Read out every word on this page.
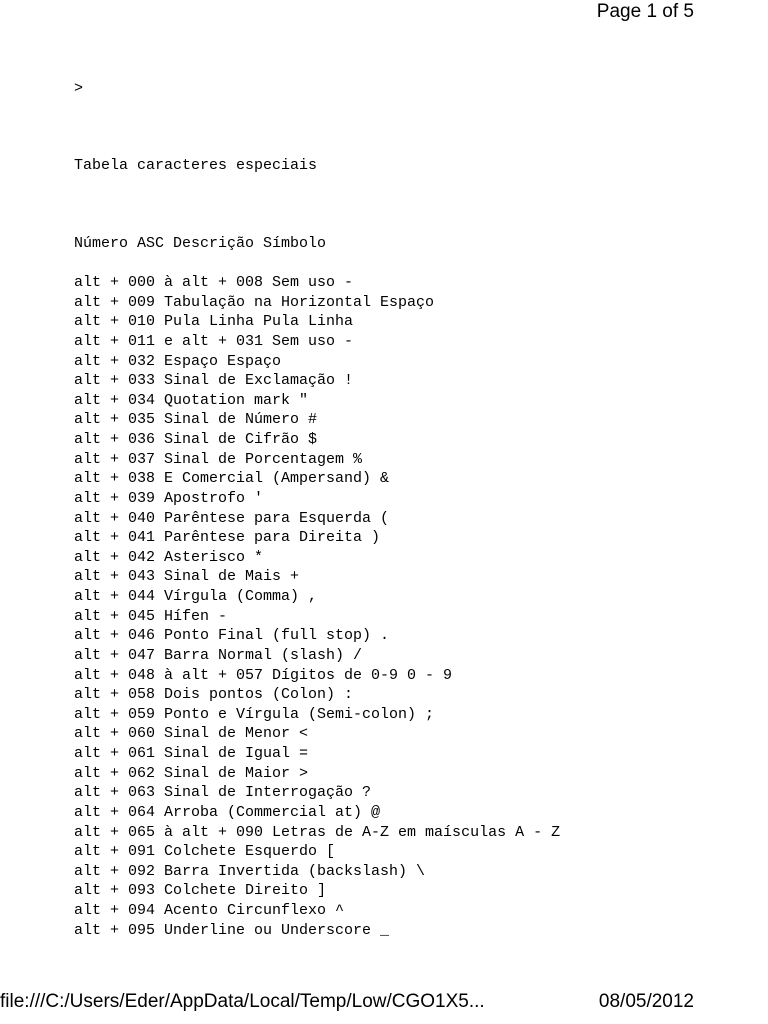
Page 1 of 5
>
Tabela caracteres especiais
Número ASC Descrição Símbolo
alt + 000 à alt + 008 Sem uso -
alt + 009 Tabulação na Horizontal Espaço
alt + 010 Pula Linha Pula Linha
alt + 011 e alt + 031 Sem uso -
alt + 032 Espaço Espaço
alt + 033 Sinal de Exclamação !
alt + 034 Quotation mark "
alt + 035 Sinal de Número #
alt + 036 Sinal de Cifrão $
alt + 037 Sinal de Porcentagem %
alt + 038 E Comercial (Ampersand) &
alt + 039 Apostrofo '
alt + 040 Parêntese para Esquerda (
alt + 041 Parêntese para Direita )
alt + 042 Asterisco *
alt + 043 Sinal de Mais +
alt + 044 Vírgula (Comma) ,
alt + 045 Hífen -
alt + 046 Ponto Final (full stop) .
alt + 047 Barra Normal (slash) /
alt + 048 à alt + 057 Dígitos de 0-9 0 - 9
alt + 058 Dois pontos (Colon) :
alt + 059 Ponto e Vírgula (Semi-colon) ;
alt + 060 Sinal de Menor <
alt + 061 Sinal de Igual =
alt + 062 Sinal de Maior >
alt + 063 Sinal de Interrogação ?
alt + 064 Arroba (Commercial at) @
alt + 065 à alt + 090 Letras de A-Z em maísculas A - Z
alt + 091 Colchete Esquerdo [
alt + 092 Barra Invertida (backslash) \
alt + 093 Colchete Direito ]
alt + 094 Acento Circunflexo ^
alt + 095 Underline ou Underscore _
file:///C:/Users/Eder/AppData/Local/Temp/Low/CGO1X5...	08/05/2012
